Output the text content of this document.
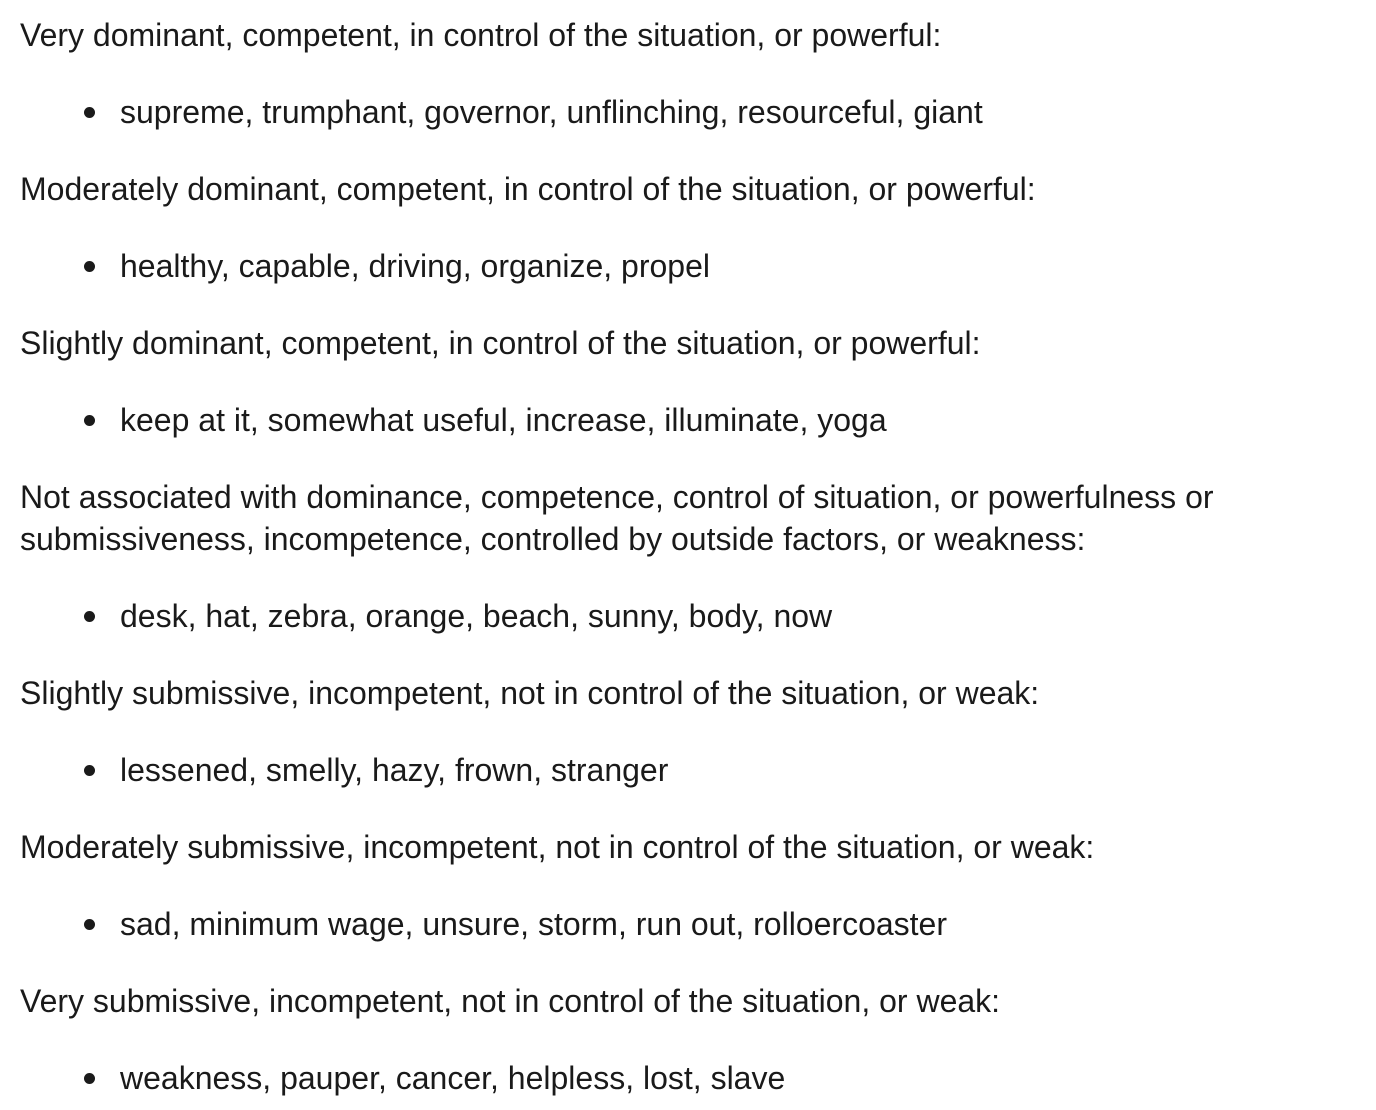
Very dominant, competent, in control of the situation, or powerful:

supreme, trumphant, governor, unflinching, resourceful, giant

Moderately dominant, competent, in control of the situation, or powerful:

healthy, capable, driving, organize, propel

Slightly dominant, competent, in control of the situation, or powerful:

keep at it, somewhat useful, increase, illuminate, yoga

Not associated with dominance, competence, control of situation, or powerfulness or
submissiveness, incompetence, controlled by outside factors, or weakness:

desk, hat, zebra, orange, beach, sunny, body, now

Slightly submissive, incompetent, not in control of the situation, or weak:

lessened, smelly, hazy, frown, stranger

Moderately submissive, incompetent, not in control of the situation, or weak:

sad, minimum wage, unsure, storm, run out, rolloercoaster

Very submissive, incompetent, not in control of the situation, or weak:

weakness, pauper, cancer, helpless, lost, slave
